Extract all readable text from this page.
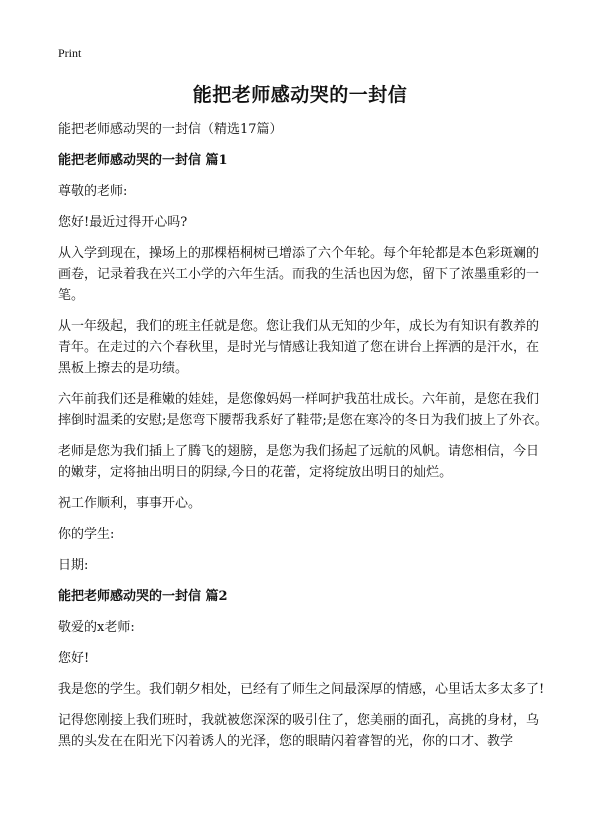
Print
能把老师感动哭的一封信

能把老师感动哭的一封信（精选17篇）

能把老师感动哭的一封信 篇1

尊敬的老师:

您好!最近过得开心吗?

从入学到现在，操场上的那棵梧桐树已增添了六个年轮。每个年轮都是本色彩斑斓的画卷，记录着我在兴工小学的六年生活。而我的生活也因为您，留下了浓墨重彩的一笔。

从一年级起，我们的班主任就是您。您让我们从无知的少年，成长为有知识有教养的青年。在走过的六个春秋里，是时光与情感让我知道了您在讲台上挥洒的是汗水，在黑板上擦去的是功绩。

六年前我们还是稚嫩的娃娃，是您像妈妈一样呵护我茁壮成长。六年前，是您在我们摔倒时温柔的安慰;是您弯下腰帮我系好了鞋带;是您在寒冷的冬日为我们披上了外衣。

老师是您为我们插上了腾飞的翅膀，是您为我们扬起了远航的风帆。请您相信，今日的嫩芽，定将抽出明日的阴绿,今日的花蕾，定将绽放出明日的灿烂。

祝工作顺利，事事开心。

你的学生:

日期:

能把老师感动哭的一封信 篇2

敬爱的x老师:

您好!

我是您的学生。我们朝夕相处，已经有了师生之间最深厚的情感，心里话太多太多了!

记得您刚接上我们班时，我就被您深深的吸引住了，您美丽的面孔，高挑的身材，乌黑的头发在在阳光下闪着诱人的光泽，您的眼睛闪着睿智的光，你的口才、教学
